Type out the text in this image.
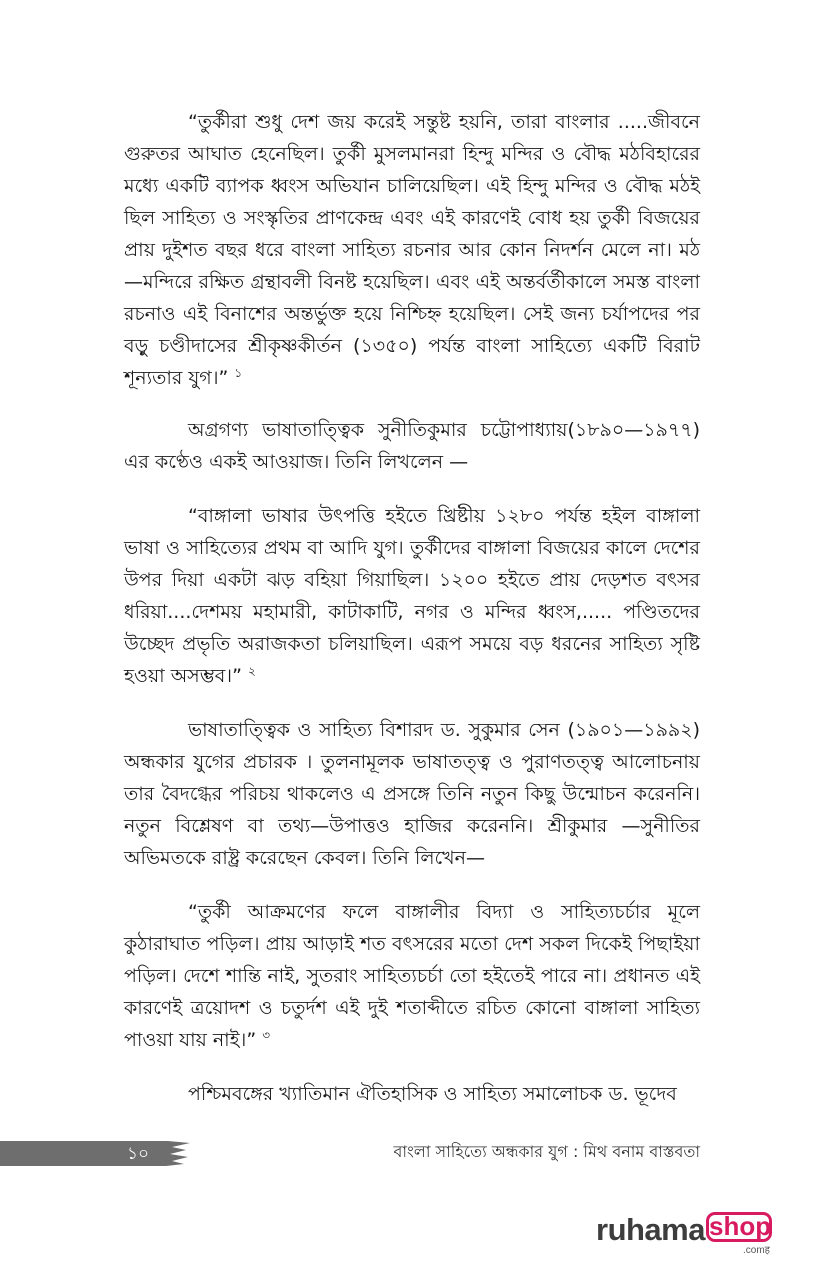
“তুর্কীরা শুধু দেশ জয় করেই সন্তুষ্ট হয়নি, তারা বাংলার .....জীবনে গুরুতর আঘাত হেনেছিল। তুর্কী মুসলমানরা হিন্দু মন্দির ও বৌদ্ধ মঠবিহারের মধ্যে একটি ব্যাপক ধ্বংস অভিযান চালিয়েছিল। এই হিন্দু মন্দির ও বৌদ্ধ মঠই ছিল সাহিত্য ও সংস্কৃতির প্রাণকেন্দ্র এবং এই কারণেই বোধ হয় তুর্কী বিজয়ের প্রায় দুইশত বছর ধরে বাংলা সাহিত্য রচনার আর কোন নিদর্শন মেলে না। মঠ—মন্দিরে রক্ষিত গ্রন্থাবলী বিনষ্ট হয়েছিল। এবং এই অন্তর্বর্তীকালে সমস্ত বাংলা রচনাও এই বিনাশের অন্তর্ভুক্ত হয়ে নিশ্চিহ্ন হয়েছিল। সেই জন্য চর্যাপদের পর বড়ু চণ্ডীদাসের শ্রীকৃষ্ণকীর্তন (১৩৫০) পর্যন্ত বাংলা সাহিত্যে একটি বিরাট শূন্যতার যুগ।” $^১$

অগ্রগণ্য ভাষাতাত্ত্বিক সুনীতিকুমার চট্টোপাধ্যায়(১৮৯০—১৯৭৭) এর কণ্ঠেও একই আওয়াজ। তিনি লিখলেন —

“বাঙ্গালা ভাষার উৎপত্তি হইতে খ্রিষ্টীয় ১২৮০ পর্যন্ত হইল বাঙ্গালা ভাষা ও সাহিত্যের প্রথম বা আদি যুগ। তুর্কীদের বাঙ্গালা বিজয়ের কালে দেশের উপর দিয়া একটা ঝড় বহিয়া গিয়াছিল। ১২০০ হইতে প্রায় দেড়শত বৎসর ধরিয়া....দেশময় মহামারী, কাটাকাটি, নগর ও মন্দির ধ্বংস,..... পণ্ডিতদের উচ্ছেদ প্রভৃতি অরাজকতা চলিয়াছিল। এরূপ সময়ে বড় ধরনের সাহিত্য সৃষ্টি হওয়া অসম্ভব।” $^২$

ভাষাতাত্ত্বিক ও সাহিত্য বিশারদ ড. সুকুমার সেন (১৯০১—১৯৯২) অন্ধকার যুগের প্রচারক । তুলনামূলক ভাষাতত্ত্ব ও পুরাণতত্ত্ব আলোচনায় তার বৈদগ্ধের পরিচয় থাকলেও এ প্রসঙ্গে তিনি নতুন কিছু উন্মোচন করেননি। নতুন বিশ্লেষণ বা তথ্য—উপাত্তও হাজির করেননি। শ্রীকুমার —সুনীতির অভিমতকে রাষ্ট্র করেছেন কেবল। তিনি লিখেন—

“তুর্কী আক্রমণের ফলে বাঙ্গালীর বিদ্যা ও সাহিত্যচর্চার মূলে কুঠারাঘাত পড়িল। প্রায় আড়াই শত বৎসরের মতো দেশ সকল দিকেই পিছাইয়া পড়িল। দেশে শান্তি নাই, সুতরাং সাহিত্যচর্চা তো হইতেই পারে না। প্রধানত এই কারণেই ত্রয়োদশ ও চতুর্দশ এই দুই শতাব্দীতে রচিত কোনো বাঙ্গালা সাহিত্য পাওয়া যায় নাই।” $^৩$

পশ্চিমবঙ্গের খ্যাতিমান ঐতিহাসিক ও সাহিত্য সমালোচক ড. ভূদেব

১০	বাংলা সাহিত্যে অন্ধকার যুগ : মিথ বনাম বাস্তবতা
ruhama shop
.comह
